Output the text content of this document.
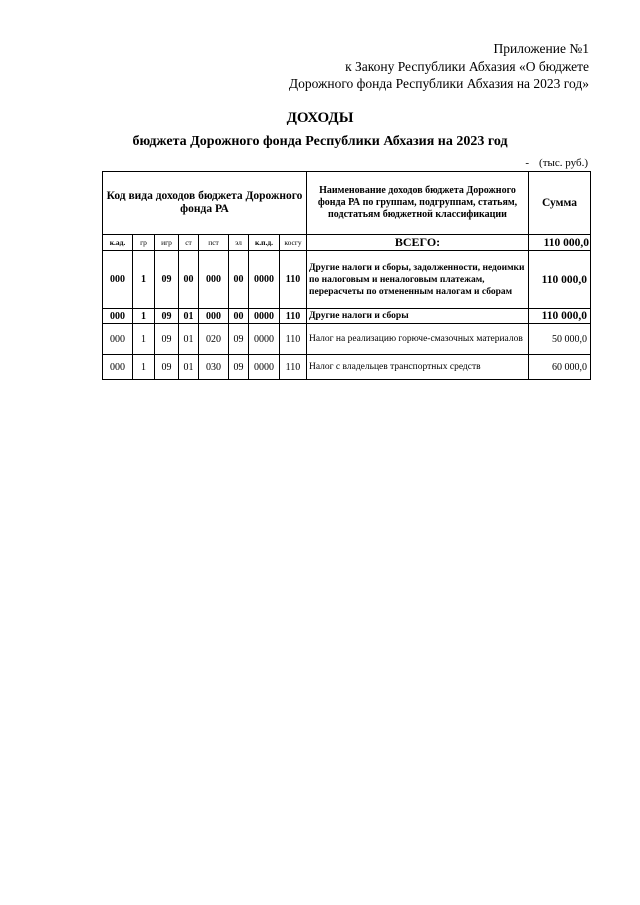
Приложение №1
к Закону Республики Абхазия «О бюджете
Дорожного фонда Республики Абхазия на 2023 год»
ДОХОДЫ
бюджета Дорожного фонда Республики Абхазия на 2023 год
- (тыс. руб.)
Код вида доходов бюджета Дорожного фонда РА								Наименование доходов бюджета Дорожного фонда РА по группам, подгруппам, статьям, подстатьям бюджетной классификации	Сумма
к.ад.	гр	игр	ст	пст	эл	к.п.д.	косгу	ВСЕГО:	110 000,0
000	1	09	00	000	00	0000	110	Другие налоги и сборы, задолженности, недоимки по налоговым и неналоговым платежам, перерасчеты по отмененным налогам и сборам	110 000,0
000	1	09	01	000	00	0000	110	Другие налоги и сборы	110 000,0
000	1	09	01	020	09	0000	110	Налог на реализацию горюче-смазочных материалов	50 000,0
000	1	09	01	030	09	0000	110	Налог с владельцев транспортных средств	60 000,0
